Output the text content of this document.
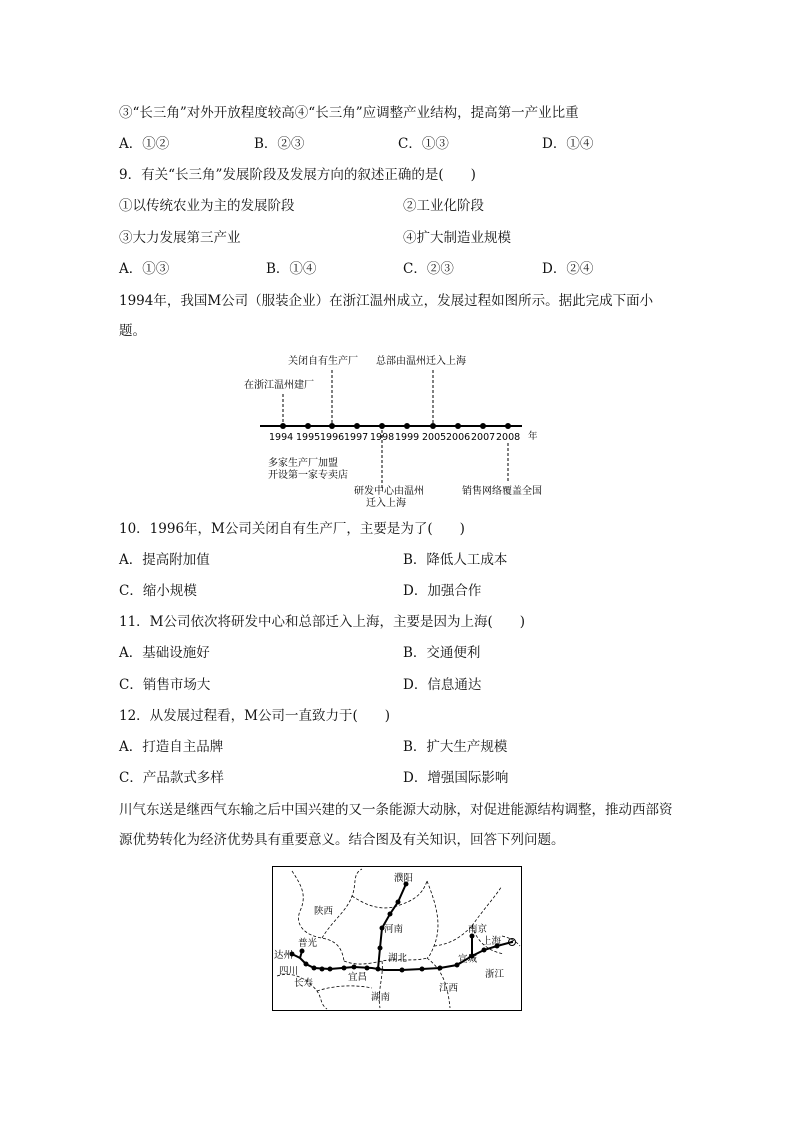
③“长三角”对外开放程度较高④“长三角”应调整产业结构，提高第一产业比重
A．①②	B．②③	C．①③	D．①④
9．有关“长三角”发展阶段及发展方向的叙述正确的是(　　)
①以传统农业为主的发展阶段	②工业化阶段
③大力发展第三产业	④扩大制造业规模
A．①③	B．①④	C．②③	D．②④
1994年，我国M公司（服装企业）在浙江温州成立，发展过程如图所示。据此完成下面小题。
1994 1995 1996 1997 1998 1999 2005 2006 2007 2008 年
在浙江温州建厂
关闭自有生产厂 总部由温州迁入上海
多家生产厂加盟
开设第一家专卖店
研发中心由温州
迁入上海
销售网络覆盖全国
10．1996年，M公司关闭自有生产厂，主要是为了(　　)
A．提高附加值	B．降低人工成本
C．缩小规模	D．加强合作
11．M公司依次将研发中心和总部迁入上海，主要是因为上海(　　)
A．基础设施好	B．交通便利
C．销售市场大	D．信息通达
12．从发展过程看，M公司一直致力于(　　)
A．打造自主品牌	B．扩大生产规模
C．产品款式多样	D．增强国际影响
川气东送是继西气东输之后中国兴建的又一条能源大动脉，对促进能源结构调整，推动西部资源优势转化为经济优势具有重要意义。结合图及有关知识，回答下列问题。
陕西
河南
湖北
湖南
江西
浙江
四川
濮阳
普光
达州
长寿
宜昌
宣城
南京
上海
